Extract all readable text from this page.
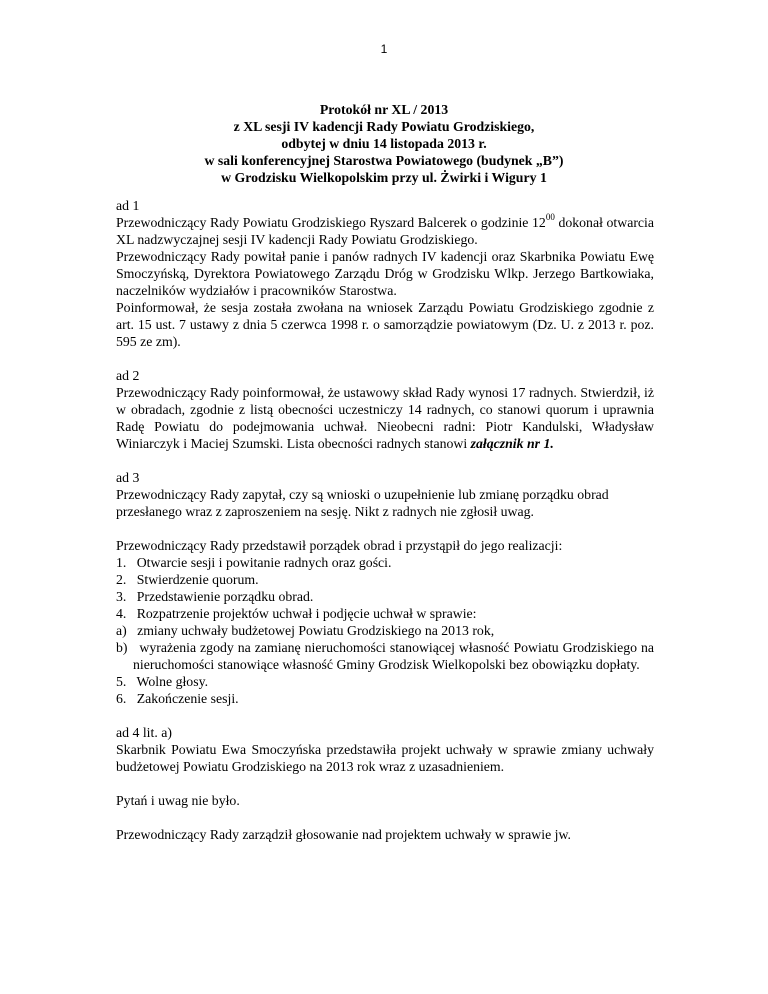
1
Protokół nr XL / 2013
z XL sesji IV kadencji Rady Powiatu Grodziskiego,
odbytej w dniu 14 listopada 2013 r.
w sali konferencyjnej Starostwa Powiatowego (budynek „B”)
w Grodzisku Wielkopolskim przy ul. Żwirki i Wigury 1

ad 1

Przewodniczący Rady Powiatu Grodziskiego Ryszard Balcerek o godzinie $12^{00}$ dokonał otwarcia XL nadzwyczajnej sesji IV kadencji Rady Powiatu Grodziskiego.

Przewodniczący Rady powitał panie i panów radnych IV kadencji oraz Skarbnika Powiatu Ewę Smoczyńską, Dyrektora Powiatowego Zarządu Dróg w Grodzisku Wlkp. Jerzego Bartkowiaka, naczelników wydziałów i pracowników Starostwa.

Poinformował, że sesja została zwołana na wniosek Zarządu Powiatu Grodziskiego zgodnie z art. 15 ust. 7 ustawy z dnia 5 czerwca 1998 r. o samorządzie powiatowym (Dz. U. z 2013 r. poz. 595 ze zm).

ad 2

Przewodniczący Rady poinformował, że ustawowy skład Rady wynosi 17 radnych. Stwierdził, iż w obradach, zgodnie z listą obecności uczestniczy 14 radnych, co stanowi quorum i uprawnia Radę Powiatu do podejmowania uchwał. Nieobecni radni: Piotr Kandulski, Władysław Winiarczyk i Maciej Szumski. Lista obecności radnych stanowi załącznik nr 1.

ad 3

Przewodniczący Rady zapytał, czy są wnioski o uzupełnienie lub zmianę porządku obrad przesłanego wraz z zaproszeniem na sesję. Nikt z radnych nie zgłosił uwag.

Przewodniczący Rady przedstawił porządek obrad i przystąpił do jego realizacji:

1.   Otwarcie sesji i powitanie radnych oraz gości.

2.   Stwierdzenie quorum.

3.   Przedstawienie porządku obrad.

4.   Rozpatrzenie projektów uchwał i podjęcie uchwał w sprawie:

a)   zmiany uchwały budżetowej Powiatu Grodziskiego na 2013 rok,

b)   wyrażenia zgody na zamianę nieruchomości stanowiącej własność Powiatu Grodziskiego na nieruchomości stanowiące własność Gminy Grodzisk Wielkopolski bez obowiązku dopłaty.

5.   Wolne głosy.

6.   Zakończenie sesji.

ad 4 lit. a)

Skarbnik Powiatu Ewa Smoczyńska przedstawiła projekt uchwały w sprawie zmiany uchwały budżetowej Powiatu Grodziskiego na 2013 rok wraz z uzasadnieniem.

Pytań i uwag nie było.

Przewodniczący Rady zarządził głosowanie nad projektem uchwały w sprawie jw.
